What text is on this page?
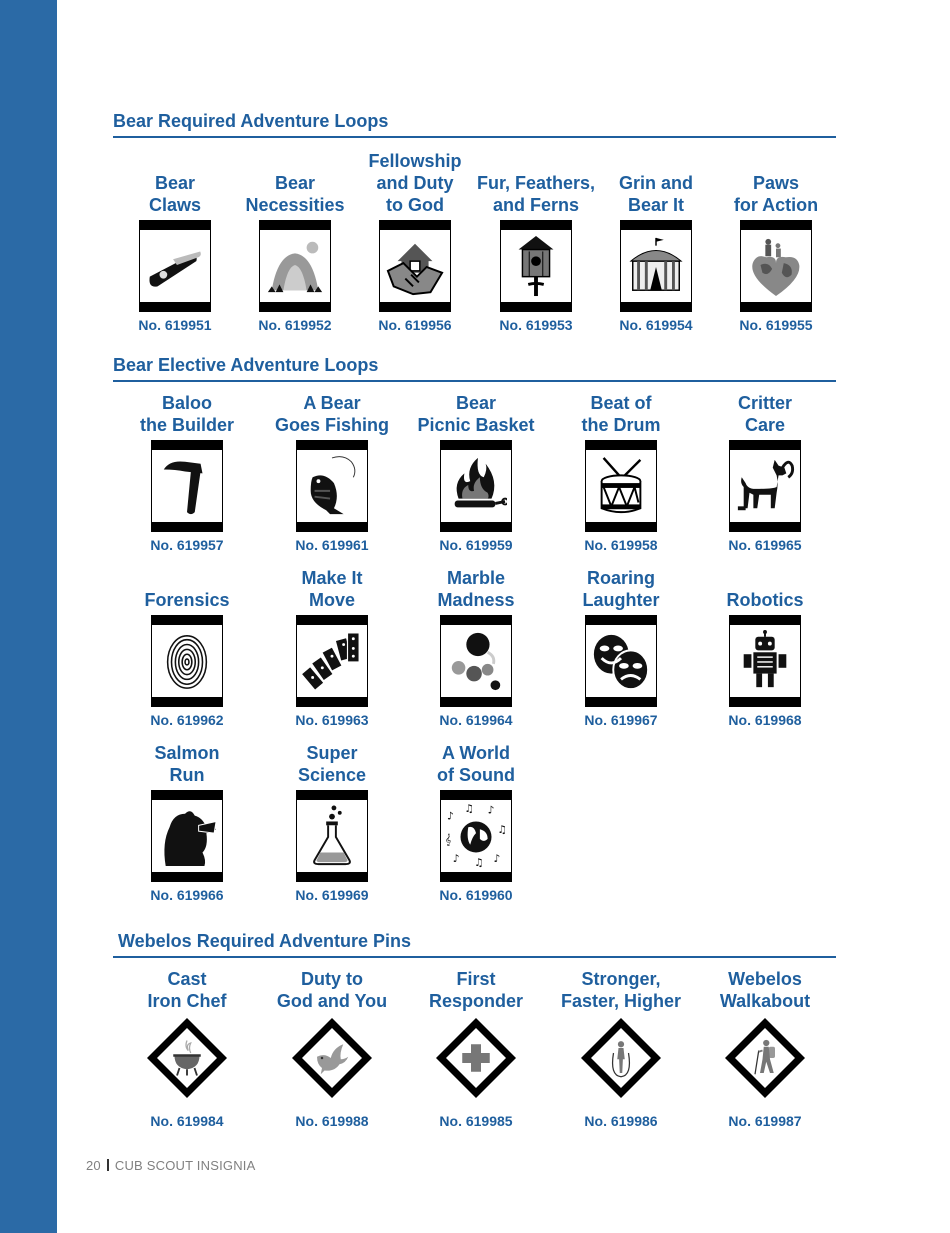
Bear Required Adventure Loops
Bear Elective Adventure Loops
Webelos Required Adventure Pins
Bear
Claws
No. 619951
Bear
Necessities
No. 619952
Fellowship
and Duty
to God
No. 619956
Fur, Feathers,
and Ferns
No. 619953
Grin and
Bear It
No. 619954
Paws
for Action
No. 619955
Baloo
the Builder
No. 619957
A Bear
Goes Fishing
No. 619961
Bear
Picnic Basket
No. 619959
Beat of
the Drum
No. 619958
Critter
Care
No. 619965
Forensics
No. 619962
Make It
Move
No. 619963
Marble
Madness
No. 619964
Roaring
Laughter
No. 619967
Robotics
No. 619968
Salmon
Run
No. 619966
Super
Science
No. 619969
A World
of Sound
♪
♫ ♪
♫
♪
♫
♪
𝄞
No. 619960
Cast
Iron Chef
No. 619984
Duty to
God and You
No. 619988
First
Responder
No. 619985
Stronger,
Faster, Higher
No. 619986
Webelos
Walkabout
No. 619987
20 CUB SCOUT INSIGNIA
